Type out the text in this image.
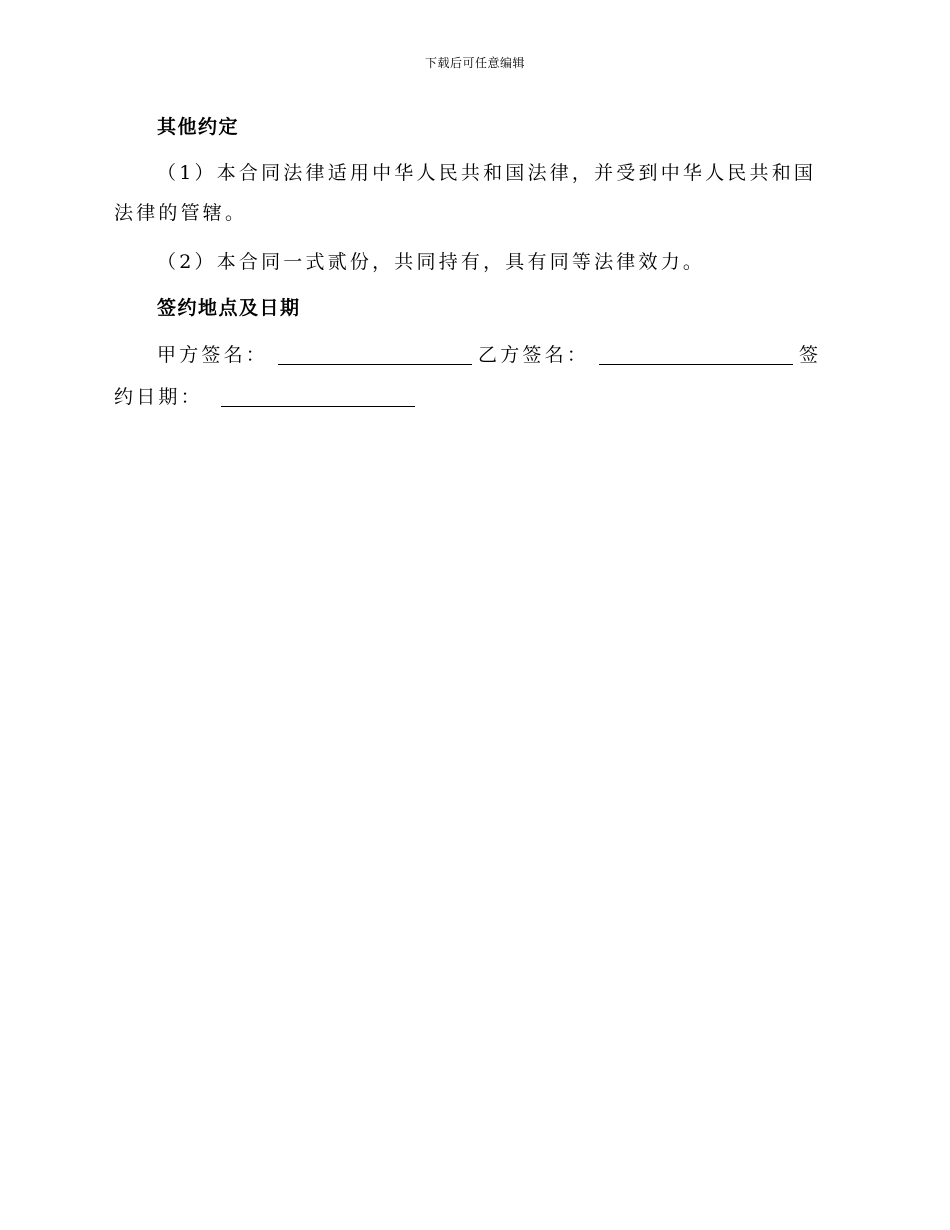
下载后可任意编辑
其他约定

（1）本合同法律适用中华人民共和国法律，并受到中华人民共和国法律的管辖。

（2）本合同一式贰份，共同持有，具有同等法律效力。

签约地点及日期

甲方签名：	乙方签名：	签约日期：
